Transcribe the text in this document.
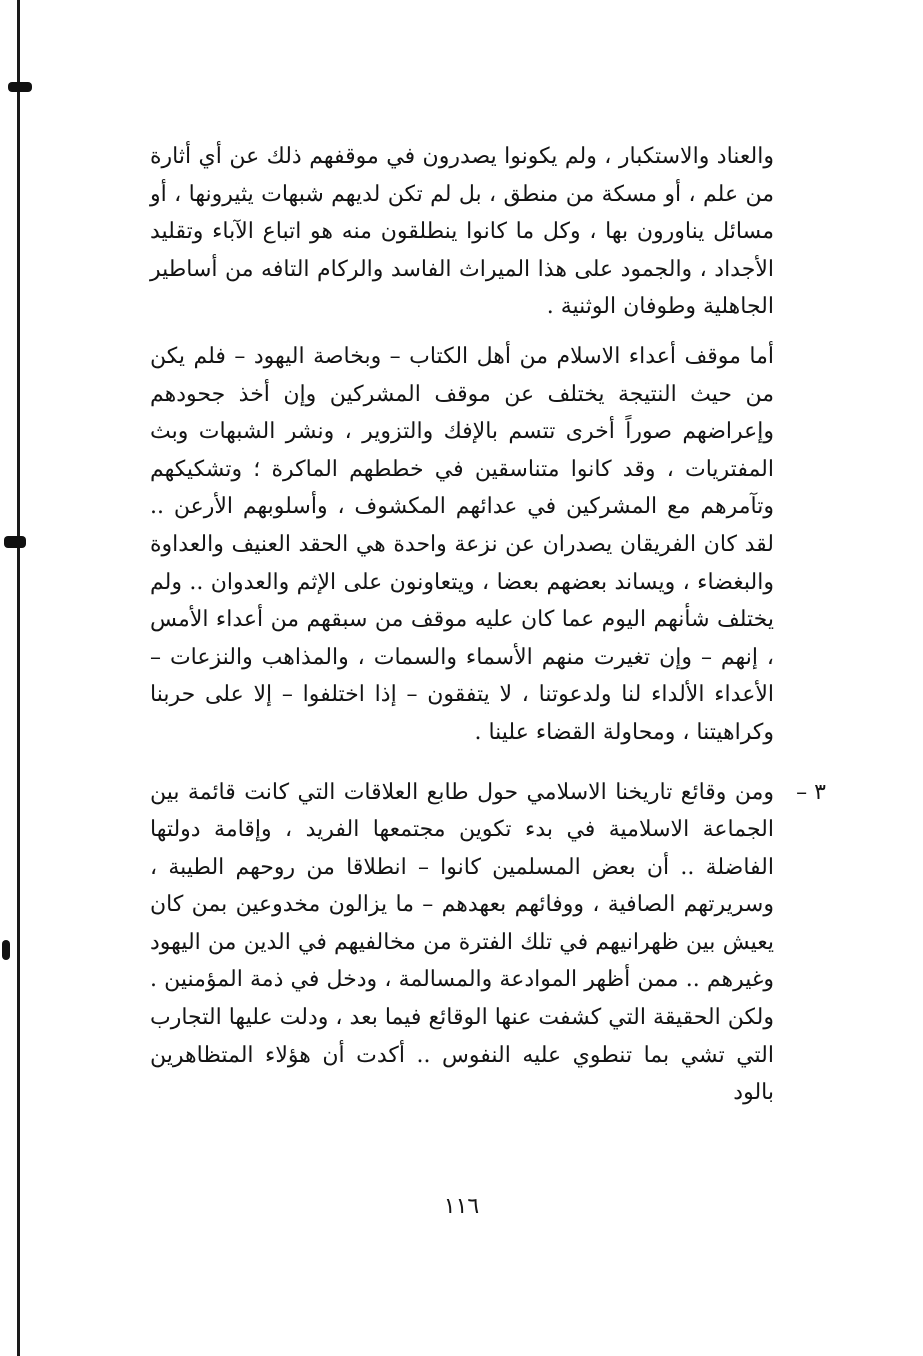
والعناد والاستكبار ، ولم يكونوا يصدرون في موقفهم ذلك عن أي أثارة من علم ، أو مسكة من منطق ، بل لم تكن لديهم شبهات يثيرونها ، أو مسائل يناورون بها ، وكل ما كانوا ينطلقون منه هو اتباع الآباء وتقليد الأجداد ، والجمود على هذا الميراث الفاسد والركام التافه من أساطير الجاهلية وطوفان الوثنية .

أما موقف أعداء الاسلام من أهل الكتاب – وبخاصة اليهود – فلم يكن من حيث النتيجة يختلف عن موقف المشركين وإن أخذ جحودهم وإعراضهم صوراً أخرى تتسم بالإفك والتزوير ، ونشر الشبهات وبث المفتريات ، وقد كانوا متناسقين في خططهم الماكرة ؛ وتشكيكهم وتآمرهم مع المشركين في عدائهم المكشوف ، وأسلوبهم الأرعن .. لقد كان الفريقان يصدران عن نزعة واحدة هي الحقد العنيف والعداوة والبغضاء ، ويساند بعضهم بعضا ، ويتعاونون على الإثم والعدوان .. ولم يختلف شأنهم اليوم عما كان عليه موقف من سبقهم من أعداء الأمس ، إنهم – وإن تغيرت منهم الأسماء والسمات ، والمذاهب والنزعات – الأعداء الألداء لنا ولدعوتنا ، لا يتفقون – إذا اختلفوا – إلا على حربنا وكراهيتنا ، ومحاولة القضاء علينا .

٣ –

ومن وقائع تاريخنا الاسلامي حول طابع العلاقات التي كانت قائمة بين الجماعة الاسلامية في بدء تكوين مجتمعها الفريد ، وإقامة دولتها الفاضلة .. أن بعض المسلمين كانوا – انطلاقا من روحهم الطيبة ، وسريرتهم الصافية ، ووفائهم بعهدهم – ما يزالون مخدوعين بمن كان يعيش بين ظهرانيهم في تلك الفترة من مخالفيهم في الدين من اليهود وغيرهم .. ممن أظهر الموادعة والمسالمة ، ودخل في ذمة المؤمنين . ولكن الحقيقة التي كشفت عنها الوقائع فيما بعد ، ودلت عليها التجارب التي تشي بما تنطوي عليه النفوس .. أكدت أن هؤلاء المتظاهرين بالود

١١٦
